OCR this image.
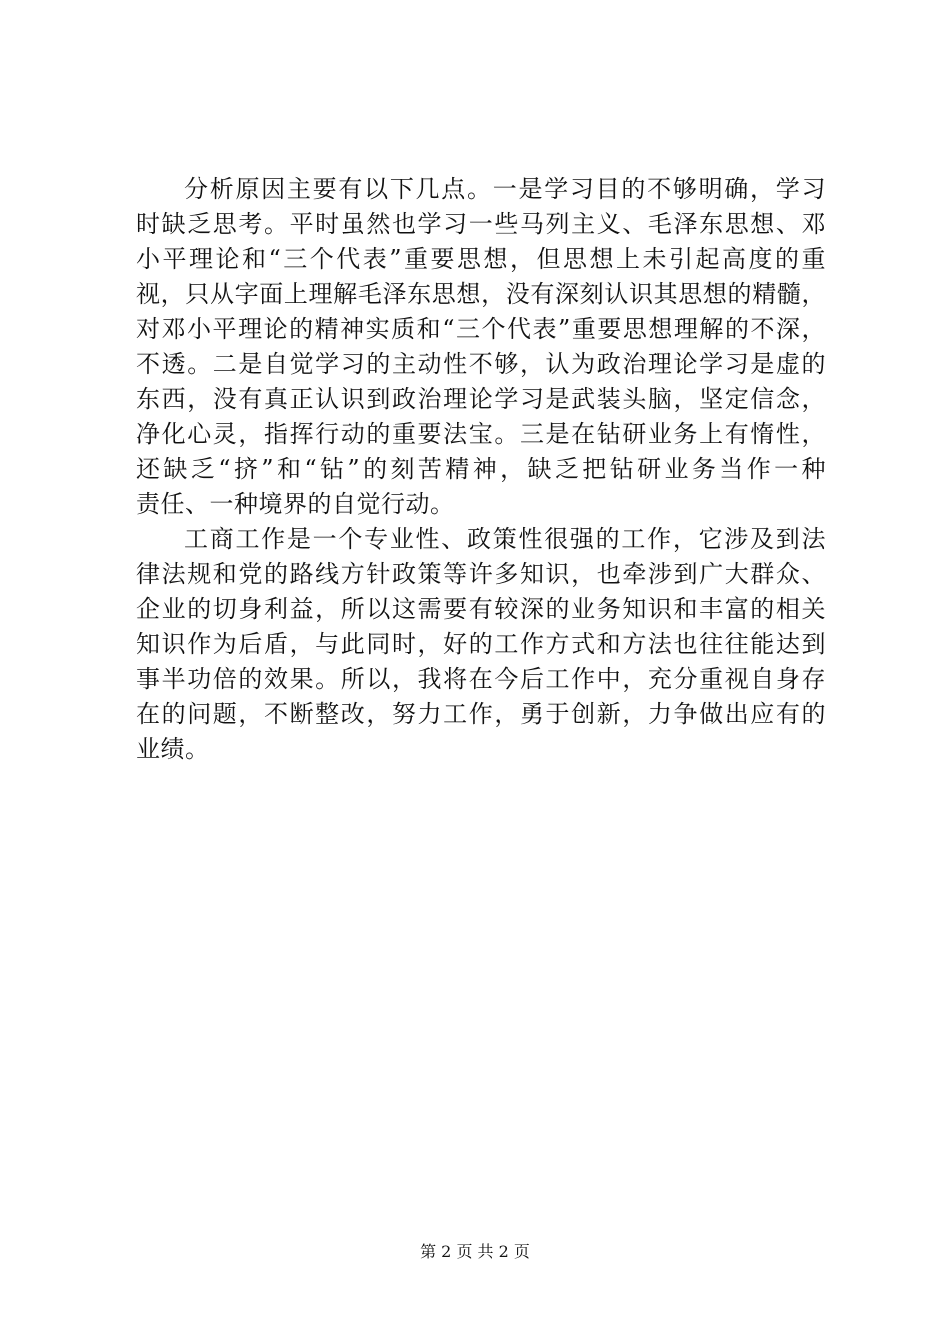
分析原因主要有以下几点。一是学习目的不够明确，学习
时缺乏思考。平时虽然也学习一些马列主义、毛泽东思想、邓
小平理论和“三个代表”重要思想，但思想上未引起高度的重
视，只从字面上理解毛泽东思想，没有深刻认识其思想的精髓，
对邓小平理论的精神实质和“三个代表”重要思想理解的不深，
不透。二是自觉学习的主动性不够，认为政治理论学习是虚的
东西，没有真正认识到政治理论学习是武装头脑，坚定信念，
净化心灵，指挥行动的重要法宝。三是在钻研业务上有惰性，
还缺乏“挤”和“钻”的刻苦精神，缺乏把钻研业务当作一种
责任、一种境界的自觉行动。
工商工作是一个专业性、政策性很强的工作，它涉及到法
律法规和党的路线方针政策等许多知识，也牵涉到广大群众、
企业的切身利益，所以这需要有较深的业务知识和丰富的相关
知识作为后盾，与此同时，好的工作方式和方法也往往能达到
事半功倍的效果。所以，我将在今后工作中，充分重视自身存
在的问题，不断整改，努力工作，勇于创新，力争做出应有的
业绩。
第 2 页 共 2 页
